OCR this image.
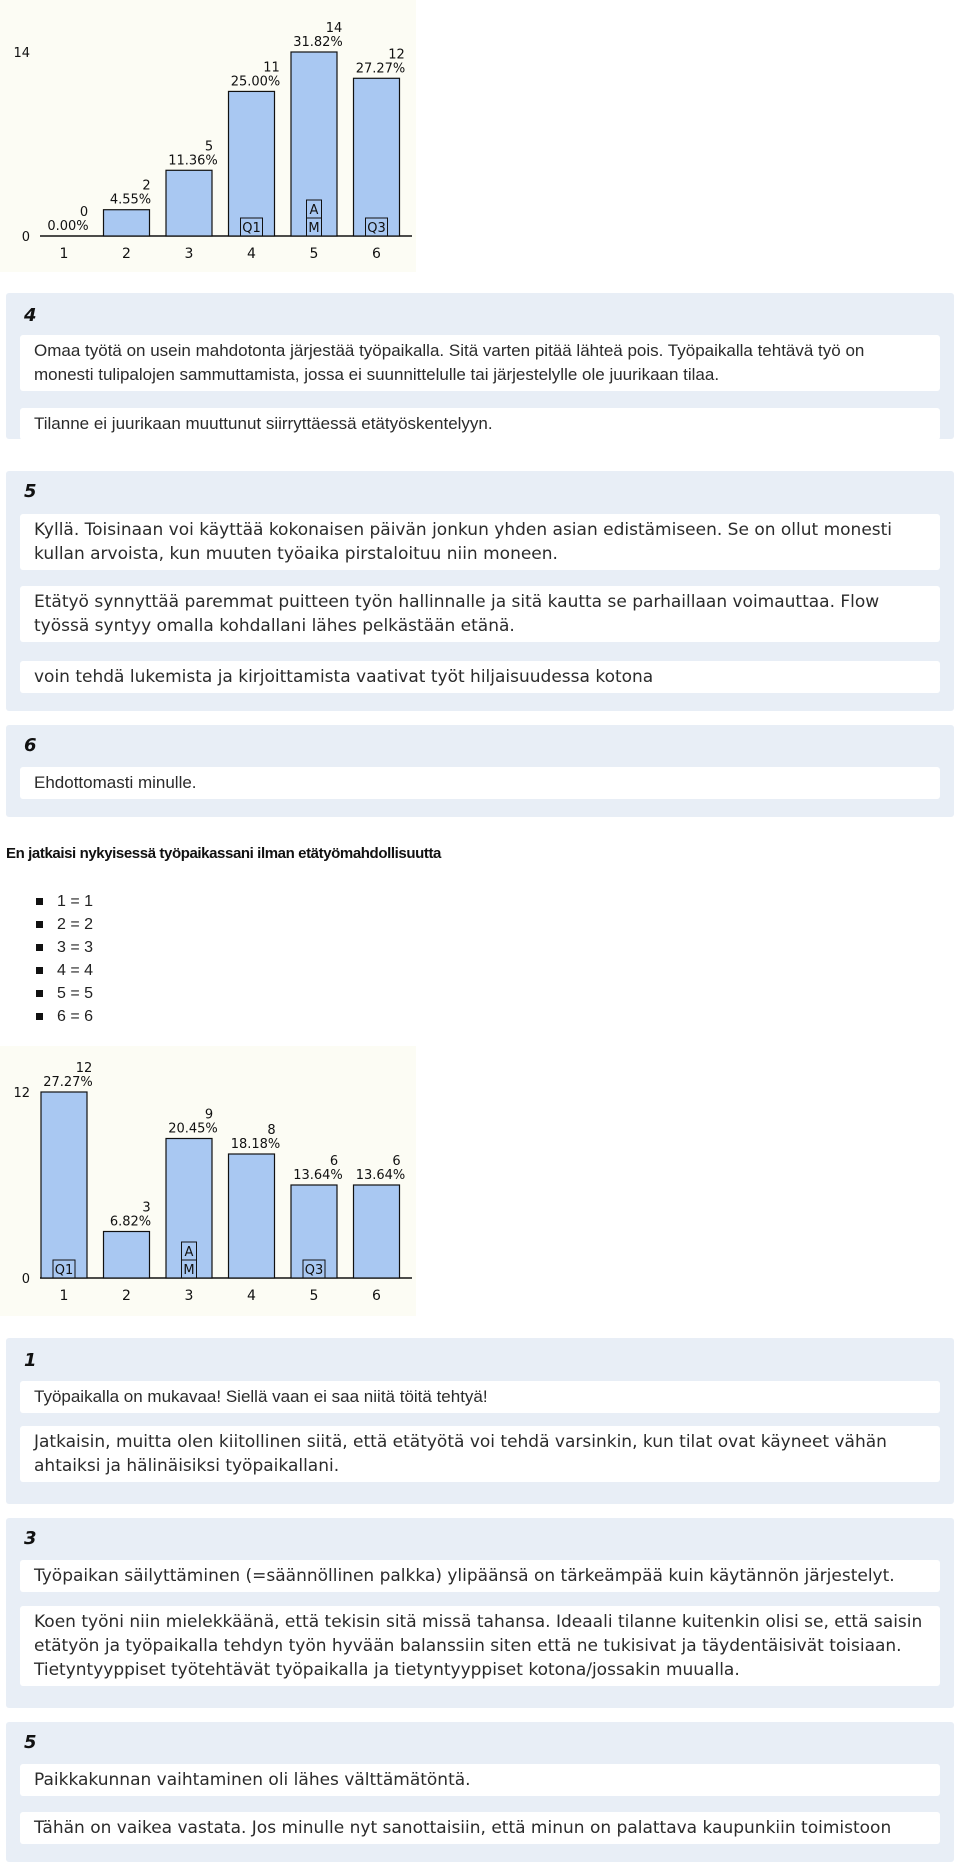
0
14
1
0.00%
0
2
4.55%
2
3
11.36%
5
4
25.00%
11
5
31.82%
14
6
27.27%
12
Q1
A
M	Q3
4
Omaa työtä on usein mahdotonta järjestää työpaikalla. Sitä varten pitää lähteä pois. Työpaikalla tehtävä työ on monesti tulipalojen sammuttamista, jossa ei suunnittelulle tai järjestelylle ole juurikaan tilaa.
Tilanne ei juurikaan muuttunut siirryttäessä etätyöskentelyyn.
5
Kyllä. Toisinaan voi käyttää kokonaisen päivän jonkun yhden asian edistämiseen. Se on ollut monesti kullan arvoista, kun muuten työaika pirstaloituu niin moneen.
Etätyö synnyttää paremmat puitteen työn hallinnalle ja sitä kautta se parhaillaan voimauttaa. Flow työssä syntyy omalla kohdallani lähes pelkästään etänä.
voin tehdä lukemista ja kirjoittamista vaativat työt hiljaisuudessa kotona
6
Ehdottomasti minulle.
En jatkaisi nykyisessä työpaikassani ilman etätyömahdollisuutta
1 = 1
2 = 2
3 = 3
4 = 4
5 = 5
6 = 6
0
12
1
27.27%
12
2
6.82%
3
3
20.45%
9
4
18.18%
8
5
13.64%
6
6
13.64%
6
Q1
A
M	Q3
1
Työpaikalla on mukavaa! Siellä vaan ei saa niitä töitä tehtyä!
Jatkaisin, muitta olen kiitollinen siitä, että etätyötä voi tehdä varsinkin, kun tilat ovat käyneet vähän ahtaiksi ja hälinäisiksi työpaikallani.
3
Työpaikan säilyttäminen (=säännöllinen palkka) ylipäänsä on tärkeämpää kuin käytännön järjestelyt.
Koen työni niin mielekkäänä, että tekisin sitä missä tahansa. Ideaali tilanne kuitenkin olisi se, että saisin etätyön ja työpaikalla tehdyn työn hyvään balanssiin siten että ne tukisivat ja täydentäisivät toisiaan. Tietyntyyppiset työtehtävät työpaikalla ja tietyntyyppiset kotona/jossakin muualla.
5
Paikkakunnan vaihtaminen oli lähes välttämätöntä.
Tähän on vaikea vastata. Jos minulle nyt sanottaisiin, että minun on palattava kaupunkiin toimistoon
